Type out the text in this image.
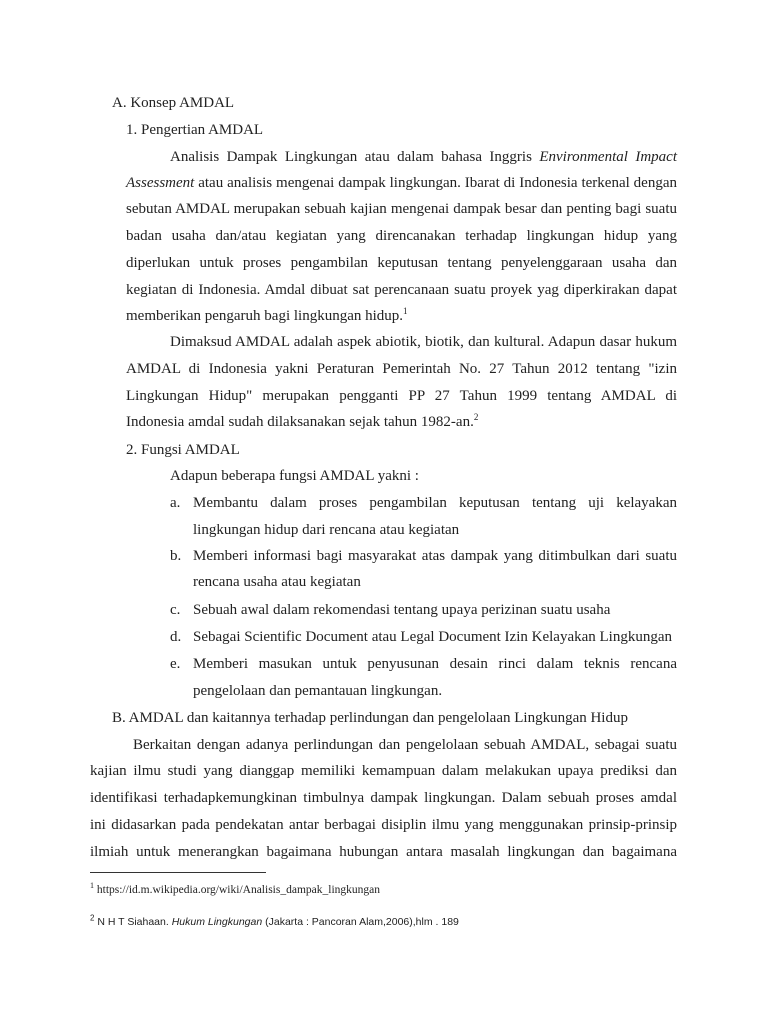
A. Konsep AMDAL
1. Pengertian AMDAL
Analisis Dampak Lingkungan atau dalam bahasa Inggris Environmental Impact
Assessment atau analisis mengenai dampak lingkungan. Ibarat di Indonesia terkenal dengan
sebutan AMDAL merupakan sebuah kajian mengenai dampak besar dan penting bagi suatu
badan usaha dan/atau kegiatan yang direncanakan terhadap lingkungan hidup yang
diperlukan untuk proses pengambilan keputusan tentang penyelenggaraan usaha dan
kegiatan di Indonesia. Amdal dibuat sat perencanaan suatu proyek yag diperkirakan dapat
memberikan pengaruh bagi lingkungan hidup.$^1$
Dimaksud AMDAL adalah aspek abiotik, biotik, dan kultural. Adapun dasar hukum
AMDAL di Indonesia yakni Peraturan Pemerintah No. 27 Tahun 2012 tentang "izin
Lingkungan Hidup" merupakan pengganti PP 27 Tahun 1999 tentang AMDAL di
Indonesia amdal sudah dilaksanakan sejak tahun 1982-an.$^2$
2. Fungsi AMDAL
Adapun beberapa fungsi AMDAL yakni :
a. Membantu dalam proses pengambilan keputusan tentang uji kelayakan
lingkungan hidup dari rencana atau kegiatan
b. Memberi informasi bagi masyarakat atas dampak yang ditimbulkan dari suatu
rencana usaha atau kegiatan
c. Sebuah awal dalam rekomendasi tentang upaya perizinan suatu usaha
d. Sebagai Scientific Document atau Legal Document Izin Kelayakan Lingkungan
e. Memberi masukan untuk penyusunan desain rinci dalam teknis rencana
pengelolaan dan pemantauan lingkungan.
B. AMDAL dan kaitannya terhadap perlindungan dan pengelolaan Lingkungan Hidup
Berkaitan dengan adanya perlindungan dan pengelolaan sebuah AMDAL, sebagai suatu
kajian ilmu studi yang dianggap memiliki kemampuan dalam melakukan upaya prediksi dan
identifikasi terhadapkemungkinan timbulnya dampak lingkungan. Dalam sebuah proses amdal
ini didasarkan pada pendekatan antar berbagai disiplin ilmu yang menggunakan prinsip-prinsip
ilmiah untuk menerangkan bagaimana hubungan antara masalah lingkungan dan bagaimana
$^1$ https://id.m.wikipedia.org/wiki/Analisis_dampak_lingkungan
$^2$ N H T Siahaan. Hukum Lingkungan (Jakarta : Pancoran Alam,2006),hlm . 189
